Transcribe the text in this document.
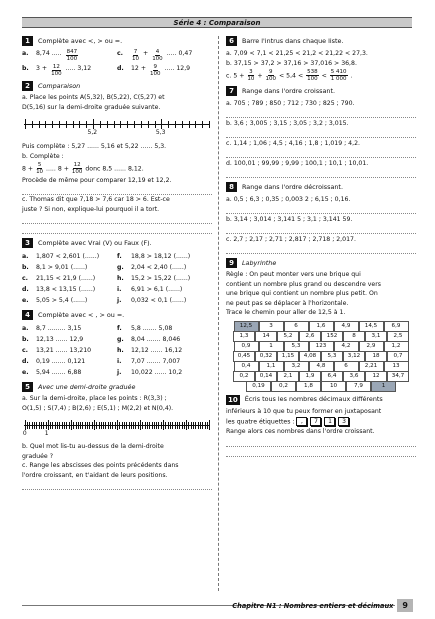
Série 4 : Comparaison
1	Complète avec <, > ou =.
a.	8,74 ..... $\frac{847}{100}$	c.	$\frac{7}{10} + \frac{4}{100}$ ..... 0,47
b.	$3 + \frac{12}{100}$ ..... 3,12	d.	$12 + \frac{9}{100}$ ..... 12,9
2	Comparaison
a. Place les points A(5,32), B(5,22), C(5,27) et
D(5,16) sur la demi-droite graduée suivante.
5,2	5,3
Puis complète : 5,27 ...... 5,16 et 5,22 ...... 5,3.
b. Complète :
$8 + \frac{5}{10}$ ..... $8 + \frac{12}{100}$ donc 8,5 ...... 8,12.
Procède de même pour comparer 12,19 et 12,2.
c. Thomas dit que 7,18 > 7,6 car 18 > 6. Est-ce
juste ? Si non, explique-lui pourquoi il a tort.
3	Complète avec Vrai (V) ou Faux (F).
a.	1,807 < 2,601 (......)	f.	18,8 > 18,12 (......)
b.	8,1 > 9,01 (......)	g.	2,04 < 2,40 (......)
c.	21,15 < 21,9 (......)	h.	15,2 > 15,22 (......)
d.	13,8 < 13,15 (......)	i.	6,91 > 6,1 (......)
e.	5,05 > 5,4 (......)	j.	0,032 < 0,1 (......)
4	Complète avec < , > ou =.
a.	8,7 ......... 3,15	f.	5,8 ....... 5,08
b.	12,13 ...... 12,9	g.	8,04 ....... 8,046
c.	13,21 ...... 13,210	h.	12,12 ...... 16,12
d.	0,19 ....... 0,121	i.	7,07 ....... 7,007
e.	5,94 ....... 6,88	j.	10,022 ...... 10,2
5	Avec une demi-droite graduée
a. Sur la demi-droite, place les points : R(3,3) ;
O(1,5) ; S(7,4) ; B(2,6) ; E(5,1) ; M(2,2) et N(0,4).
0	1
b. Quel mot lis-tu au-dessus de la demi-droite
graduée ?
c. Range les abscisses des points précédents dans
l'ordre croissant, en t'aidant de leurs positions.
6	Barre l'intrus dans chaque liste.
a. 7,09 < 7,1 < 21,25 < 21,2 < 21,22 < 27,3.
b. 37,15 > 37,2 > 37,16 > 37,016 > 36,8.
c. $5 + \frac{3}{10} + \frac{9}{100} < 5,4 < \frac{538}{100} < \frac{5 410}{1 000}$ .
7	Range dans l'ordre croissant.
a. 705 ; 789 ; 850 ; 712 ; 730 ; 825 ; 790.
b. 3,6 ; 3,005 ; 3,15 ; 3,05 ; 3,2 ; 3,015.
c. 1,14 ; 1,06 ; 4,5 ; 4,16 ; 1,8 ; 1,019 ; 4,2.
d. 100,01 ; 99,99 ; 9,99 ; 100,1 ; 10,1 ; 10,01.
8	Range dans l'ordre décroissant.
a. 0,5 ; 6,3 ; 0,35 ; 0,003 2 ; 6,15 ; 0,16.
b. 3,14 ; 3,014 ; 3,141 5 ; 3,1 ; 3,141 59.
c. 2,7 ; 2,17 ; 2,71 ; 2,817 ; 2,718 ; 2,017.
9	Labyrinthe
Règle : On peut monter vers une brique qui
contient un nombre plus grand ou descendre vers
une brique qui contient un nombre plus petit. On
ne peut pas se déplacer à l'horizontale.
Trace le chemin pour aller de 12,5 à 1.
12,5	3	6	1,6	4,9	14,5	6,9
1,3	14	5,2	2,6	152	8	3,1	2,5
0,9	1	5,3	123	4,2	2,9	1,2
0,45	0,32	1,15	4,08	5,3	3,12	18	0,7
0,4	1,1	3,2	4,8	6	2,21	13
0,2	0,14	2,1	1,9	6,4	3,6	12	34,7
0,19	0,2	1,8	10	7,9	1
10	Écris tous les nombres décimaux différents
inférieurs à 10 que tu peux former en juxtaposant
les quatre étiquettes :	,	7	1	3
Range alors ces nombres dans l'ordre croissant.
Chapitre N1 : Nombres entiers et décimaux	9
